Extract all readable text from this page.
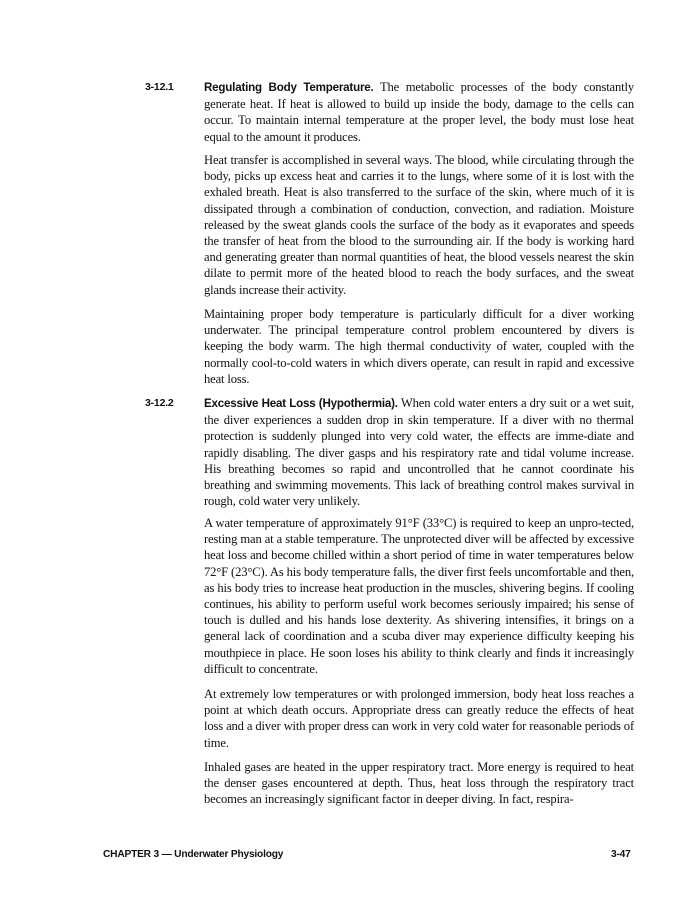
3-12.1	Regulating Body Temperature. The metabolic processes of the body constantly generate heat. If heat is allowed to build up inside the body, damage to the cells can occur. To maintain internal temperature at the proper level, the body must lose heat equal to the amount it produces.

Heat transfer is accomplished in several ways. The blood, while circulating through the body, picks up excess heat and carries it to the lungs, where some of it is lost with the exhaled breath. Heat is also transferred to the surface of the skin, where much of it is dissipated through a combination of conduction, convection, and radiation. Moisture released by the sweat glands cools the surface of the body as it evaporates and speeds the transfer of heat from the blood to the surrounding air. If the body is working hard and generating greater than normal quantities of heat, the blood vessels nearest the skin dilate to permit more of the heated blood to reach the body surfaces, and the sweat glands increase their activity.

Maintaining proper body temperature is particularly difficult for a diver working underwater. The principal temperature control problem encountered by divers is keeping the body warm. The high thermal conductivity of water, coupled with the normally cool-to-cold waters in which divers operate, can result in rapid and excessive heat loss.

3-12.2	Excessive Heat Loss (Hypothermia). When cold water enters a dry suit or a wet suit, the diver experiences a sudden drop in skin temperature. If a diver with no thermal protection is suddenly plunged into very cold water, the effects are imme-diate and rapidly disabling. The diver gasps and his respiratory rate and tidal volume increase. His breathing becomes so rapid and uncontrolled that he cannot coordinate his breathing and swimming movements. This lack of breathing control makes survival in rough, cold water very unlikely.

A water temperature of approximately 91°F (33°C) is required to keep an unpro-tected, resting man at a stable temperature. The unprotected diver will be affected by excessive heat loss and become chilled within a short period of time in water temperatures below 72°F (23°C). As his body temperature falls, the diver first feels uncomfortable and then, as his body tries to increase heat production in the muscles, shivering begins. If cooling continues, his ability to perform useful work becomes seriously impaired; his sense of touch is dulled and his hands lose dexterity. As shivering intensifies, it brings on a general lack of coordination and a scuba diver may experience difficulty keeping his mouthpiece in place. He soon loses his ability to think clearly and finds it increasingly difficult to concentrate.

At extremely low temperatures or with prolonged immersion, body heat loss reaches a point at which death occurs. Appropriate dress can greatly reduce the effects of heat loss and a diver with proper dress can work in very cold water for reasonable periods of time.

Inhaled gases are heated in the upper respiratory tract. More energy is required to heat the denser gases encountered at depth. Thus, heat loss through the respiratory tract becomes an increasingly significant factor in deeper diving. In fact, respira-

CHAPTER 3 — Underwater Physiology	3-47
